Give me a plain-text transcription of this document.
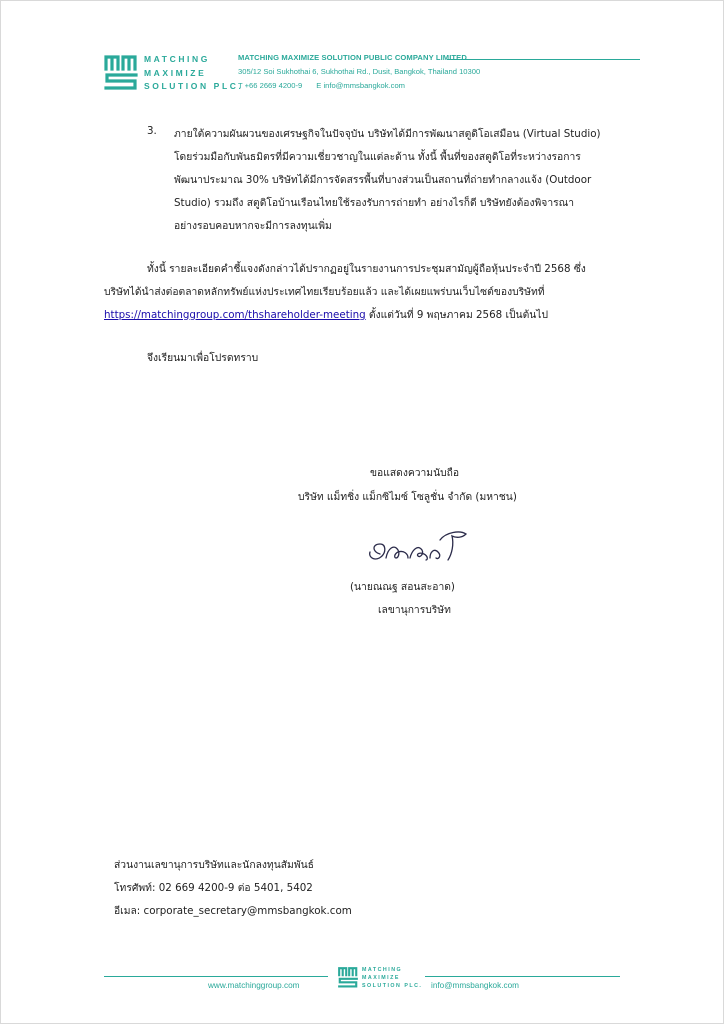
MATCHING
MAXIMIZE
SOLUTION PLC.
MATCHING MAXIMIZE SOLUTION PUBLIC COMPANY LIMITED
305/12 Soi Sukhothai 6, Sukhothai Rd., Dusit, Bangkok, Thailand 10300
T +66 2669 4200-9 E info@mmsbangkok.com
3. ภายใต้ความผันผวนของเศรษฐกิจในปัจจุบัน บริษัทได้มีการพัฒนาสตูดิโอเสมือน (Virtual Studio)
โดยร่วมมือกับพันธมิตรที่มีความเชี่ยวชาญในแต่ละด้าน ทั้งนี้ พื้นที่ของสตูดิโอที่ระหว่างรอการ
พัฒนาประมาณ 30% บริษัทได้มีการจัดสรรพื้นที่บางส่วนเป็นสถานที่ถ่ายทำกลางแจ้ง (Outdoor
Studio) รวมถึง สตูดิโอบ้านเรือนไทยใช้รองรับการถ่ายทำ อย่างไรก็ดี บริษัทยังต้องพิจารณา
อย่างรอบคอบหากจะมีการลงทุนเพิ่ม
ทั้งนี้ รายละเอียดคำชี้แจงดังกล่าวได้ปรากฏอยู่ในรายงานการประชุมสามัญผู้ถือหุ้นประจำปี 2568 ซึ่ง
บริษัทได้นำส่งต่อตลาดหลักทรัพย์แห่งประเทศไทยเรียบร้อยแล้ว และได้เผยแพร่บนเว็บไซต์ของบริษัทที่
https://matchinggroup.com/thshareholder-meeting ตั้งแต่วันที่ 9 พฤษภาคม 2568 เป็นต้นไป
จึงเรียนมาเพื่อโปรดทราบ
ขอแสดงความนับถือ
บริษัท แม็ทชิ่ง แม็กซิไมซ์ โซลูชั่น จำกัด (มหาชน)
(นายณณฐ สอนสะอาด)
เลขานุการบริษัท
ส่วนงานเลขานุการบริษัทและนักลงทุนสัมพันธ์
โทรศัพท์: 02 669 4200-9 ต่อ 5401, 5402
อีเมล: corporate_secretary@mmsbangkok.com
www.matchinggroup.com
MATCHING
MAXIMIZE
SOLUTION PLC. info@mmsbangkok.com
